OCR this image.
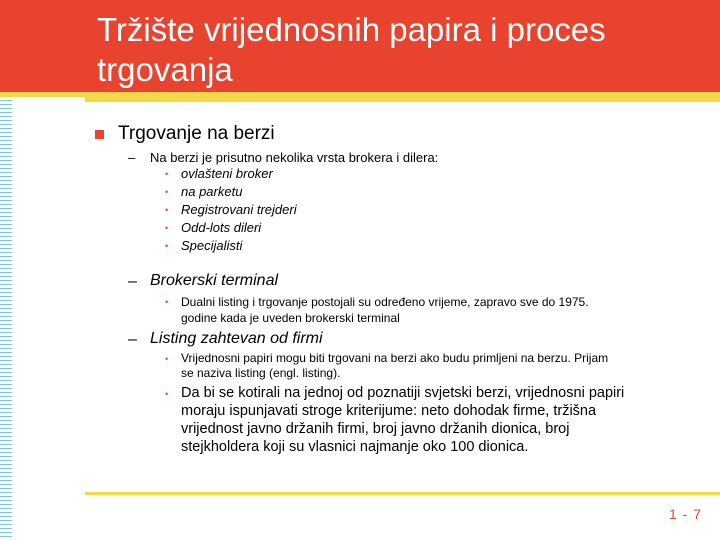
Tržište vrijednosnih papira i proces trgovanja
Trgovanje na berzi
– Na berzi je prisutno nekolika vrsta brokera i dilera:
• ovlašteni broker
• na parketu
• Registrovani trejderi
• Odd-lots dileri
• Specijalisti
– Brokerski terminal
• Dualni listing i trgovanje postojali su određeno vrijeme, zapravo sve do 1975.
godine kada je uveden brokerski terminal
– Listing zahtevan od firmi
• Vrijednosni papiri mogu biti trgovani na berzi ako budu primljeni na berzu. Prijam
se naziva listing (engl. listing).
• Da bi se kotirali na jednoj od poznatiji svjetski berzi, vrijednosni papiri
moraju ispunjavati stroge kriterijume: neto dohodak firme, tržišna
vrijednost javno držanih firmi, broj javno držanih dionica, broj
stejkholdera koji su vlasnici najmanje oko 100 dionica.
1 - 7
